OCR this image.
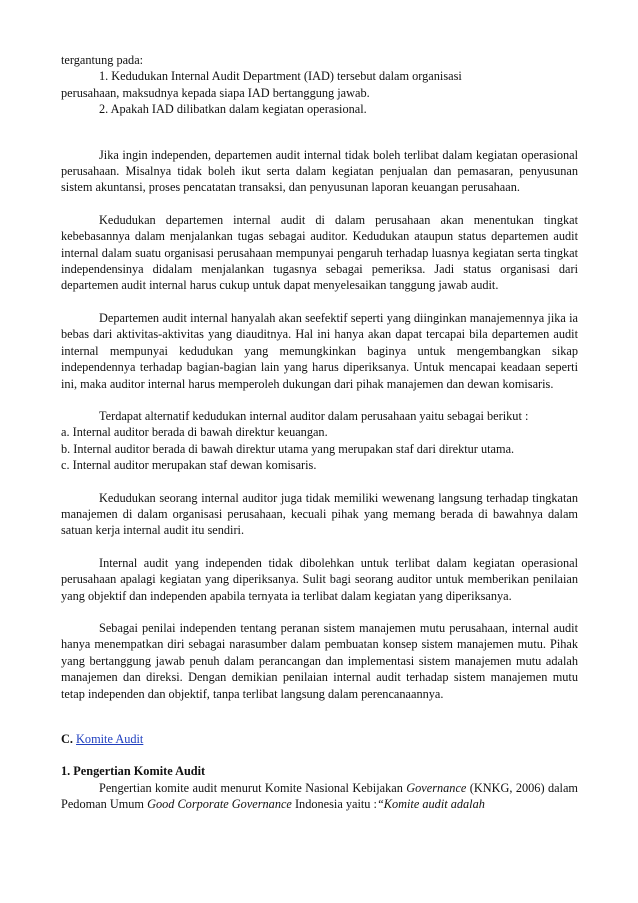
tergantung pada:

1. Kedudukan Internal Audit Department (IAD) tersebut dalam organisasi

perusahaan, maksudnya kepada siapa IAD bertanggung jawab.

2. Apakah IAD dilibatkan dalam kegiatan operasional.

Jika ingin independen, departemen audit internal tidak boleh terlibat dalam kegiatan operasional perusahaan. Misalnya tidak boleh ikut serta dalam kegiatan penjualan dan pemasaran, penyusunan sistem akuntansi, proses pencatatan transaksi, dan penyusunan laporan keuangan perusahaan.

Kedudukan departemen internal audit di dalam perusahaan akan menentukan tingkat kebebasannya dalam menjalankan tugas sebagai auditor. Kedudukan ataupun status departemen audit internal dalam suatu organisasi perusahaan mempunyai pengaruh terhadap luasnya kegiatan serta tingkat independensinya didalam menjalankan tugasnya sebagai pemeriksa. Jadi status organisasi dari departemen audit internal harus cukup untuk dapat menyelesaikan tanggung jawab audit.

Departemen audit internal hanyalah akan seefektif seperti yang diinginkan manajemennya jika ia bebas dari aktivitas-aktivitas yang diauditnya. Hal ini hanya akan dapat tercapai bila departemen audit internal mempunyai kedudukan yang memungkinkan baginya untuk mengembangkan sikap independennya terhadap bagian-bagian lain yang harus diperiksanya. Untuk mencapai keadaan seperti ini, maka auditor internal harus memperoleh dukungan dari pihak manajemen dan dewan komisaris.

Terdapat alternatif kedudukan internal auditor dalam perusahaan yaitu sebagai berikut :

a. Internal auditor berada di bawah direktur keuangan.

b. Internal auditor berada di bawah direktur utama yang merupakan staf dari direktur utama.

c. Internal auditor merupakan staf dewan komisaris.

Kedudukan seorang internal auditor juga tidak memiliki wewenang langsung terhadap tingkatan manajemen di dalam organisasi perusahaan, kecuali pihak yang memang berada di bawahnya dalam satuan kerja internal audit itu sendiri.

Internal audit yang independen tidak dibolehkan untuk terlibat dalam kegiatan operasional perusahaan apalagi kegiatan yang diperiksanya. Sulit bagi seorang auditor untuk memberikan penilaian yang objektif dan independen apabila ternyata ia terlibat dalam kegiatan yang diperiksanya.

Sebagai penilai independen tentang peranan sistem manajemen mutu perusahaan, internal audit hanya menempatkan diri sebagai narasumber dalam pembuatan konsep sistem manajemen mutu. Pihak yang bertanggung jawab penuh dalam perancangan dan implementasi sistem manajemen mutu adalah manajemen dan direksi. Dengan demikian penilaian internal audit terhadap sistem manajemen mutu tetap independen dan objektif, tanpa terlibat langsung dalam perencanaannya.

C. Komite Audit

1. Pengertian Komite Audit

Pengertian komite audit menurut Komite Nasional Kebijakan Governance (KNKG, 2006) dalam Pedoman Umum Good Corporate Governance Indonesia yaitu :“Komite audit adalah
